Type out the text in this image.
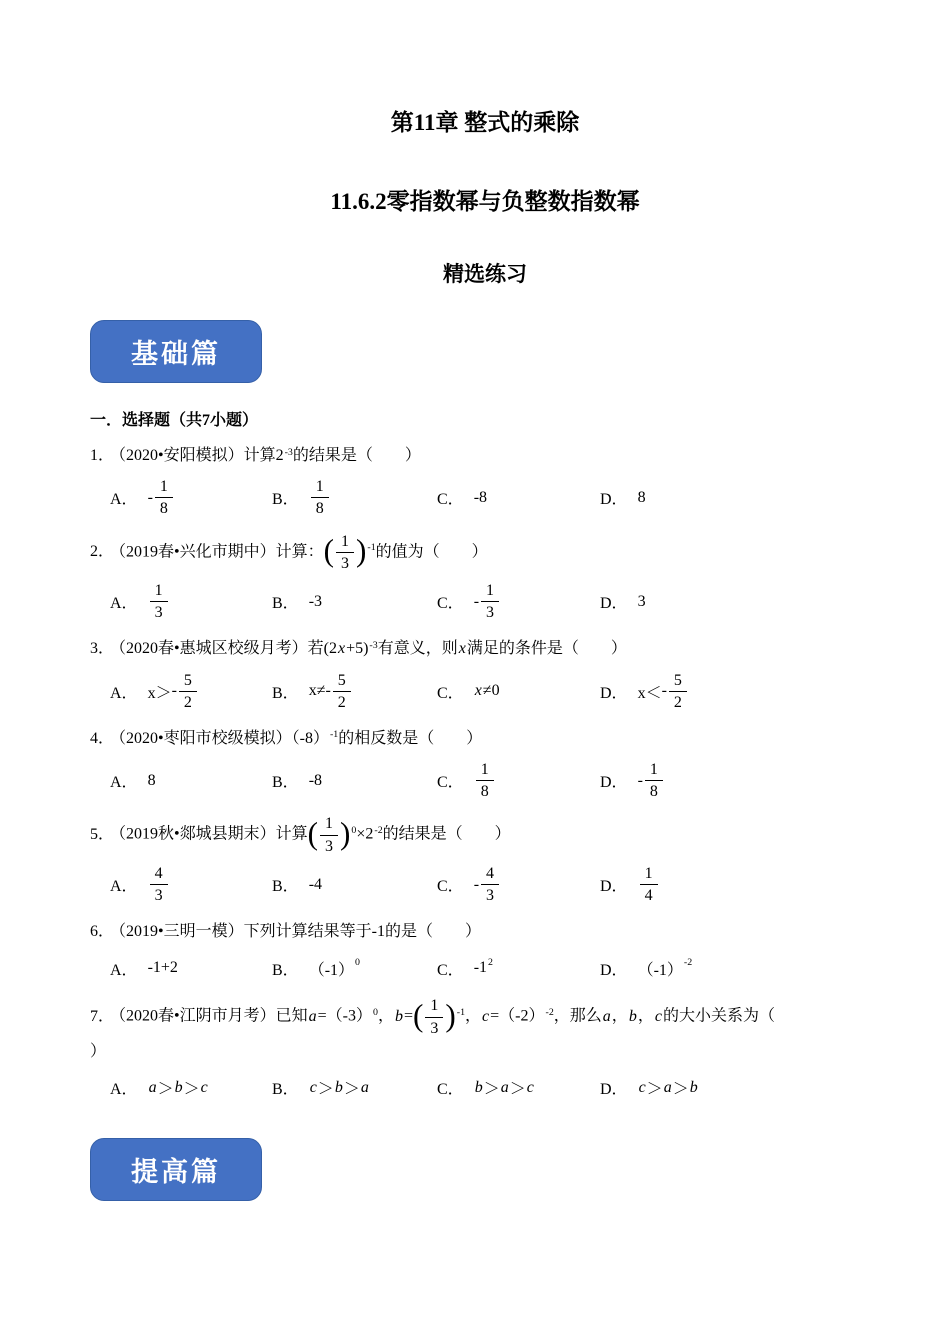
第11章 整式的乘除
11.6.2零指数幂与负整数指数幂
精选练习
基础篇
一．选择题（共7小题）
1． （2020•安阳模拟）计算$2^{-3}$的结果是（　　）
A． - $\frac{1}{8}$	B． $\frac{1}{8}$	C． -8	D． 8
2． （2019春•兴化市期中）计算：( $\frac{1}{3} )^{-1}$的值为（　　）
A． $\frac{1}{3}$	B． -3	C． - $\frac{1}{3}$	D． 3
3． （2020春•惠城区校级月考）若$(2x+5)^{-3}$有意义，则x满足的条件是（　　）
A． $x> - \frac{5}{2}$	B． $x\ne - \frac{5}{2}$	C． x ≠0	D． $x< - \frac{5}{2}$
4． （2020•枣阳市校级模拟）$(-8)^{-1}$的相反数是（　　）
A． 8	B． -8	C． $\frac{1}{8}$	D． - $\frac{1}{8}$
5． （2019秋•郯城县期末）计算( $\frac{1}{3} )^0\times 2^{-2}$的结果是（　　）
A． $\frac{4}{3}$	B． -4	C． - $\frac{4}{3}$	D． $\frac{1}{4}$
6． （2019•三明一模）下列计算结果等于-1的是（　　）
A． -1+2	B． （-1） 0	C． -1 2	D． （-1） -2
7． （2020春•江阴市月考）已知$a=(-3)^0$，$b=( \frac{1}{3} )^{-1}$，$c=(-2)^{-2}$，那么a，b，c的大小关系为（
）
A． a ＞ b ＞ c	B． c ＞ b ＞ a	C． b ＞ a ＞ c	D． c ＞ a ＞ b
提高篇
